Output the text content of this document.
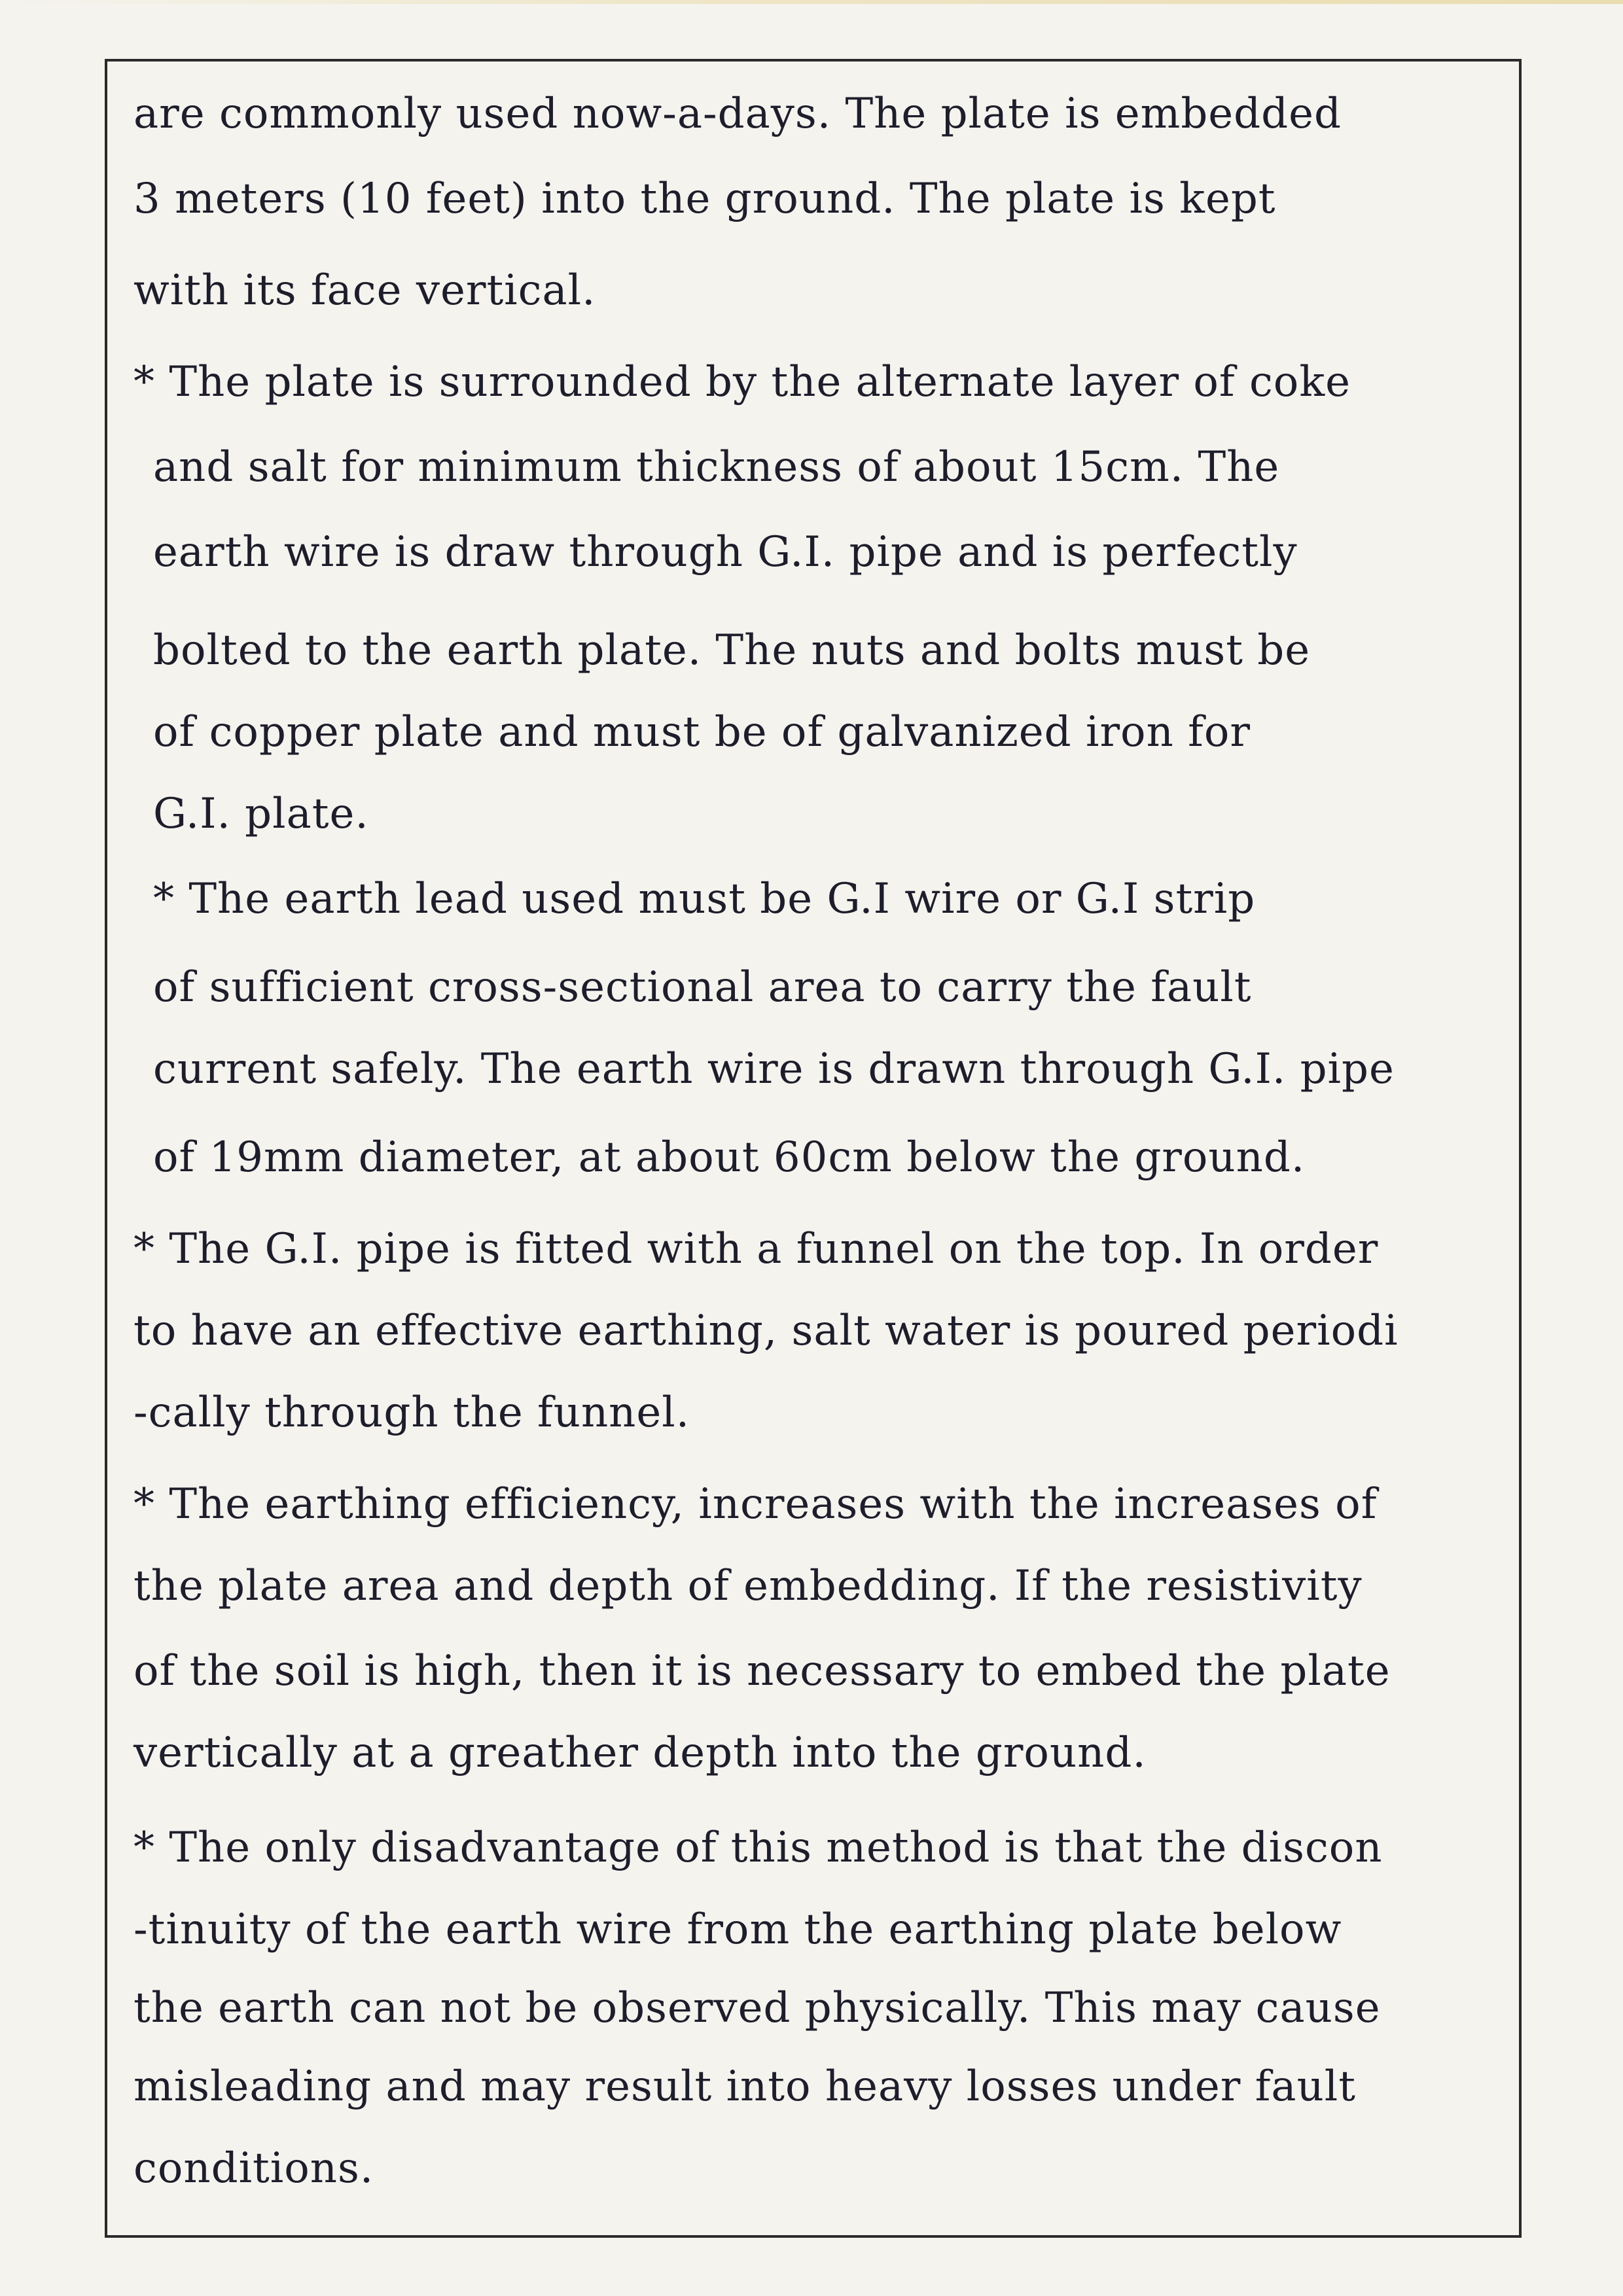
are commonly used now-a-days. The plate is embedded
3 meters (10 feet) into the ground. The plate is kept
with its face vertical.
* The plate is surrounded by the alternate layer of coke
and salt for minimum thickness of about 15cm. The
earth wire is draw through G.I. pipe and is perfectly
bolted to the earth plate. The nuts and bolts must be
of copper plate and must be of galvanized iron for
G.I. plate.
* The earth lead used must be G.I wire or G.I strip
of sufficient cross-sectional area to carry the fault
current safely. The earth wire is drawn through G.I. pipe
of 19mm diameter, at about 60cm below the ground.
* The G.I. pipe is fitted with a funnel on the top. In order
to have an effective earthing, salt water is poured periodi
-cally through the funnel.
* The earthing efficiency, increases with the increases of
the plate area and depth of embedding. If the resistivity
of the soil is high, then it is necessary to embed the plate
vertically at a greather depth into the ground.
* The only disadvantage of this method is that the discon
-tinuity of the earth wire from the earthing plate below
the earth can not be observed physically. This may cause
misleading and may result into heavy losses under fault
conditions.
